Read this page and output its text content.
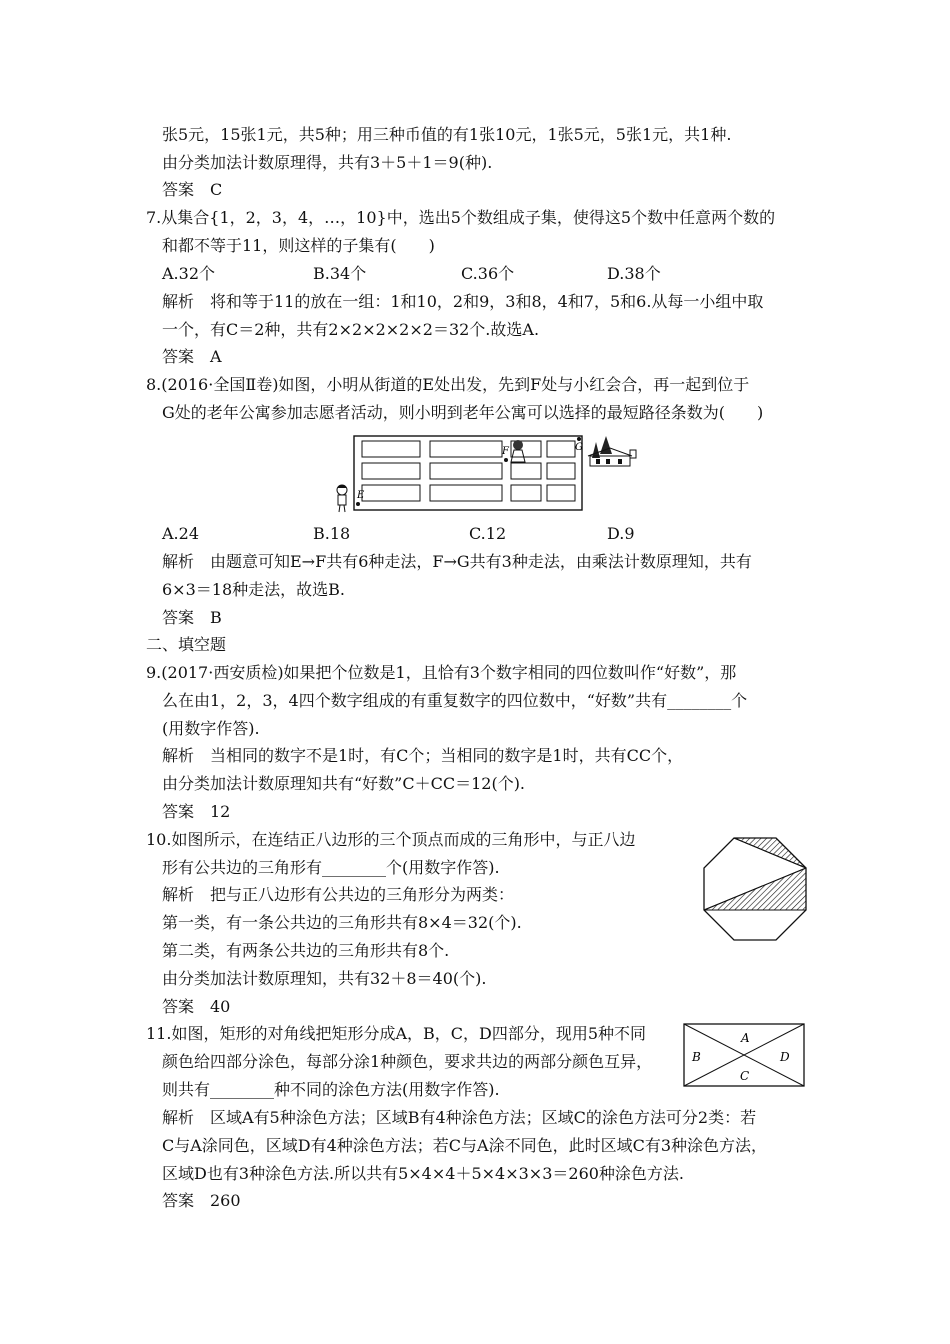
张5元，15张1元，共5种；用三种币值的有1张10元，1张5元，5张1元，共1种.
由分类加法计数原理得，共有3＋5＋1＝9(种).
答案　C
7.从集合{1，2，3，4，…，10}中，选出5个数组成子集，使得这5个数中任意两个数的
和都不等于11，则这样的子集有(　　)
A.32个	B.34个	C.36个	D.38个
解析　将和等于11的放在一组：1和10，2和9，3和8，4和7，5和6.从每一小组中取
一个，有C＝2种，共有2×2×2×2×2＝32个.故选A.
答案　A
8.(2016·全国Ⅱ卷)如图，小明从街道的E处出发，先到F处与小红会合，再一起到位于
G处的老年公寓参加志愿者活动，则小明到老年公寓可以选择的最短路径条数为(　　)
E
F	G
A.24	B.18	C.12	D.9
解析　由题意可知E→F共有6种走法，F→G共有3种走法，由乘法计数原理知，共有
6×3＝18种走法，故选B.
答案　B
二、填空题
9.(2017·西安质检)如果把个位数是1，且恰有3个数字相同的四位数叫作“好数”，那
么在由1，2，3，4四个数字组成的有重复数字的四位数中，“好数”共有________个
(用数字作答).
解析　当相同的数字不是1时，有C个；当相同的数字是1时，共有CC个，
由分类加法计数原理知共有“好数”C＋CC＝12(个).
答案　12
10.如图所示，在连结正八边形的三个顶点而成的三角形中，与正八边
形有公共边的三角形有________个(用数字作答).
解析　把与正八边形有公共边的三角形分为两类：
第一类，有一条公共边的三角形共有8×4＝32(个).
第二类，有两条公共边的三角形共有8个.
由分类加法计数原理知，共有32＋8＝40(个).
答案　40
11.如图，矩形的对角线把矩形分成A，B，C，D四部分，现用5种不同
颜色给四部分涂色，每部分涂1种颜色，要求共边的两部分颜色互异，
则共有________种不同的涂色方法(用数字作答).
A
B
C
D
解析　区域A有5种涂色方法；区域B有4种涂色方法；区域C的涂色方法可分2类：若
C与A涂同色，区域D有4种涂色方法；若C与A涂不同色，此时区域C有3种涂色方法，
区域D也有3种涂色方法.所以共有5×4×4＋5×4×3×3＝260种涂色方法.
答案　260
